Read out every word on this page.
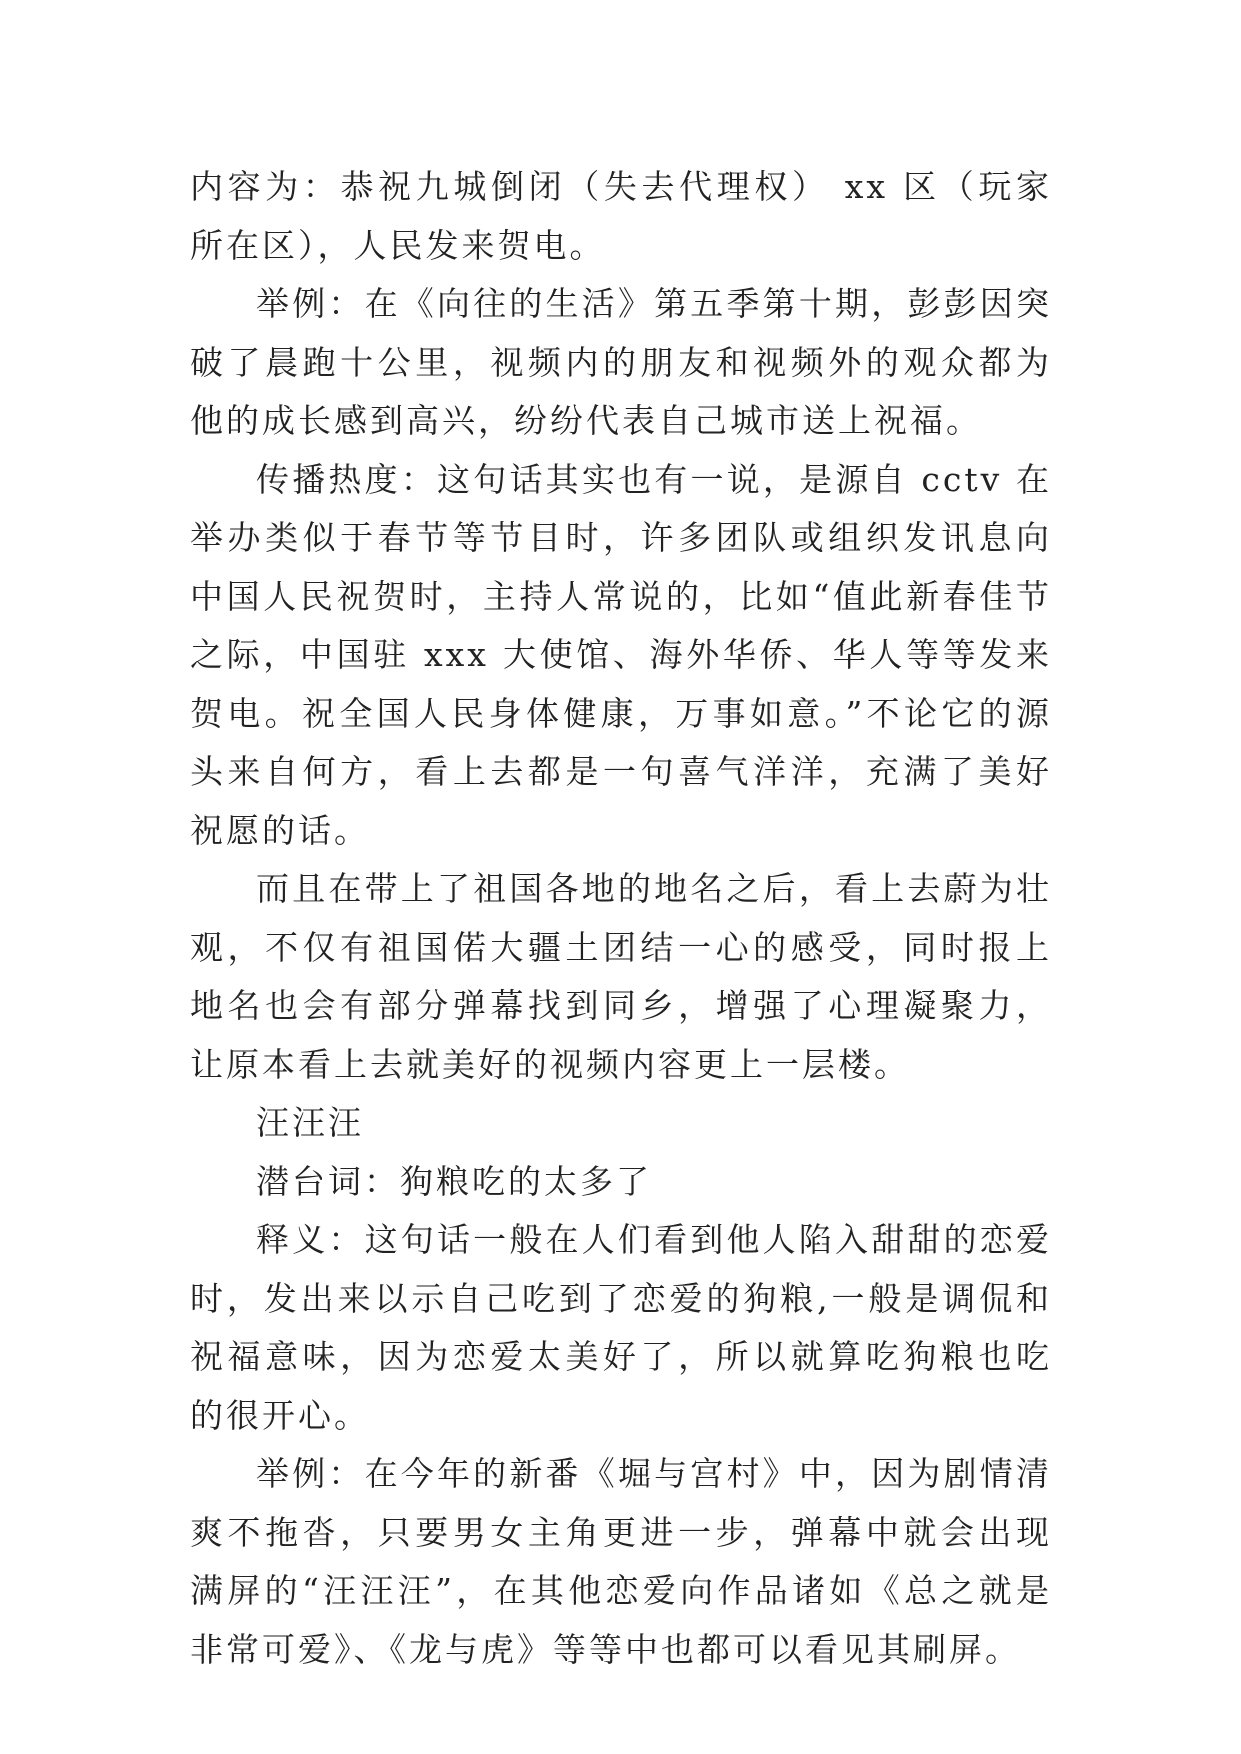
内容为：恭祝九城倒闭（失去代理权） xx 区（玩家所在区），人民发来贺电。

举例：在《向往的生活》第五季第十期，彭彭因突破了晨跑十公里，视频内的朋友和视频外的观众都为他的成长感到高兴，纷纷代表自己城市送上祝福。

传播热度：这句话其实也有一说，是源自 cctv 在举办类似于春节等节目时，许多团队或组织发讯息向中国人民祝贺时，主持人常说的，比如“值此新春佳节之际，中国驻 xxx 大使馆、海外华侨、华人等等发来贺电。祝全国人民身体健康，万事如意。”不论它的源头来自何方，看上去都是一句喜气洋洋，充满了美好祝愿的话。

而且在带上了祖国各地的地名之后，看上去蔚为壮观，不仅有祖国偌大疆土团结一心的感受，同时报上地名也会有部分弹幕找到同乡，增强了心理凝聚力，让原本看上去就美好的视频内容更上一层楼。

汪汪汪

潜台词：狗粮吃的太多了

释义：这句话一般在人们看到他人陷入甜甜的恋爱时，发出来以示自己吃到了恋爱的狗粮,一般是调侃和祝福意味，因为恋爱太美好了，所以就算吃狗粮也吃的很开心。

举例：在今年的新番《堀与宫村》中，因为剧情清爽不拖沓，只要男女主角更进一步，弹幕中就会出现满屏的“汪汪汪”，在其他恋爱向作品诸如《总之就是非常可爱》、《龙与虎》等等中也都可以看见其刷屏。
